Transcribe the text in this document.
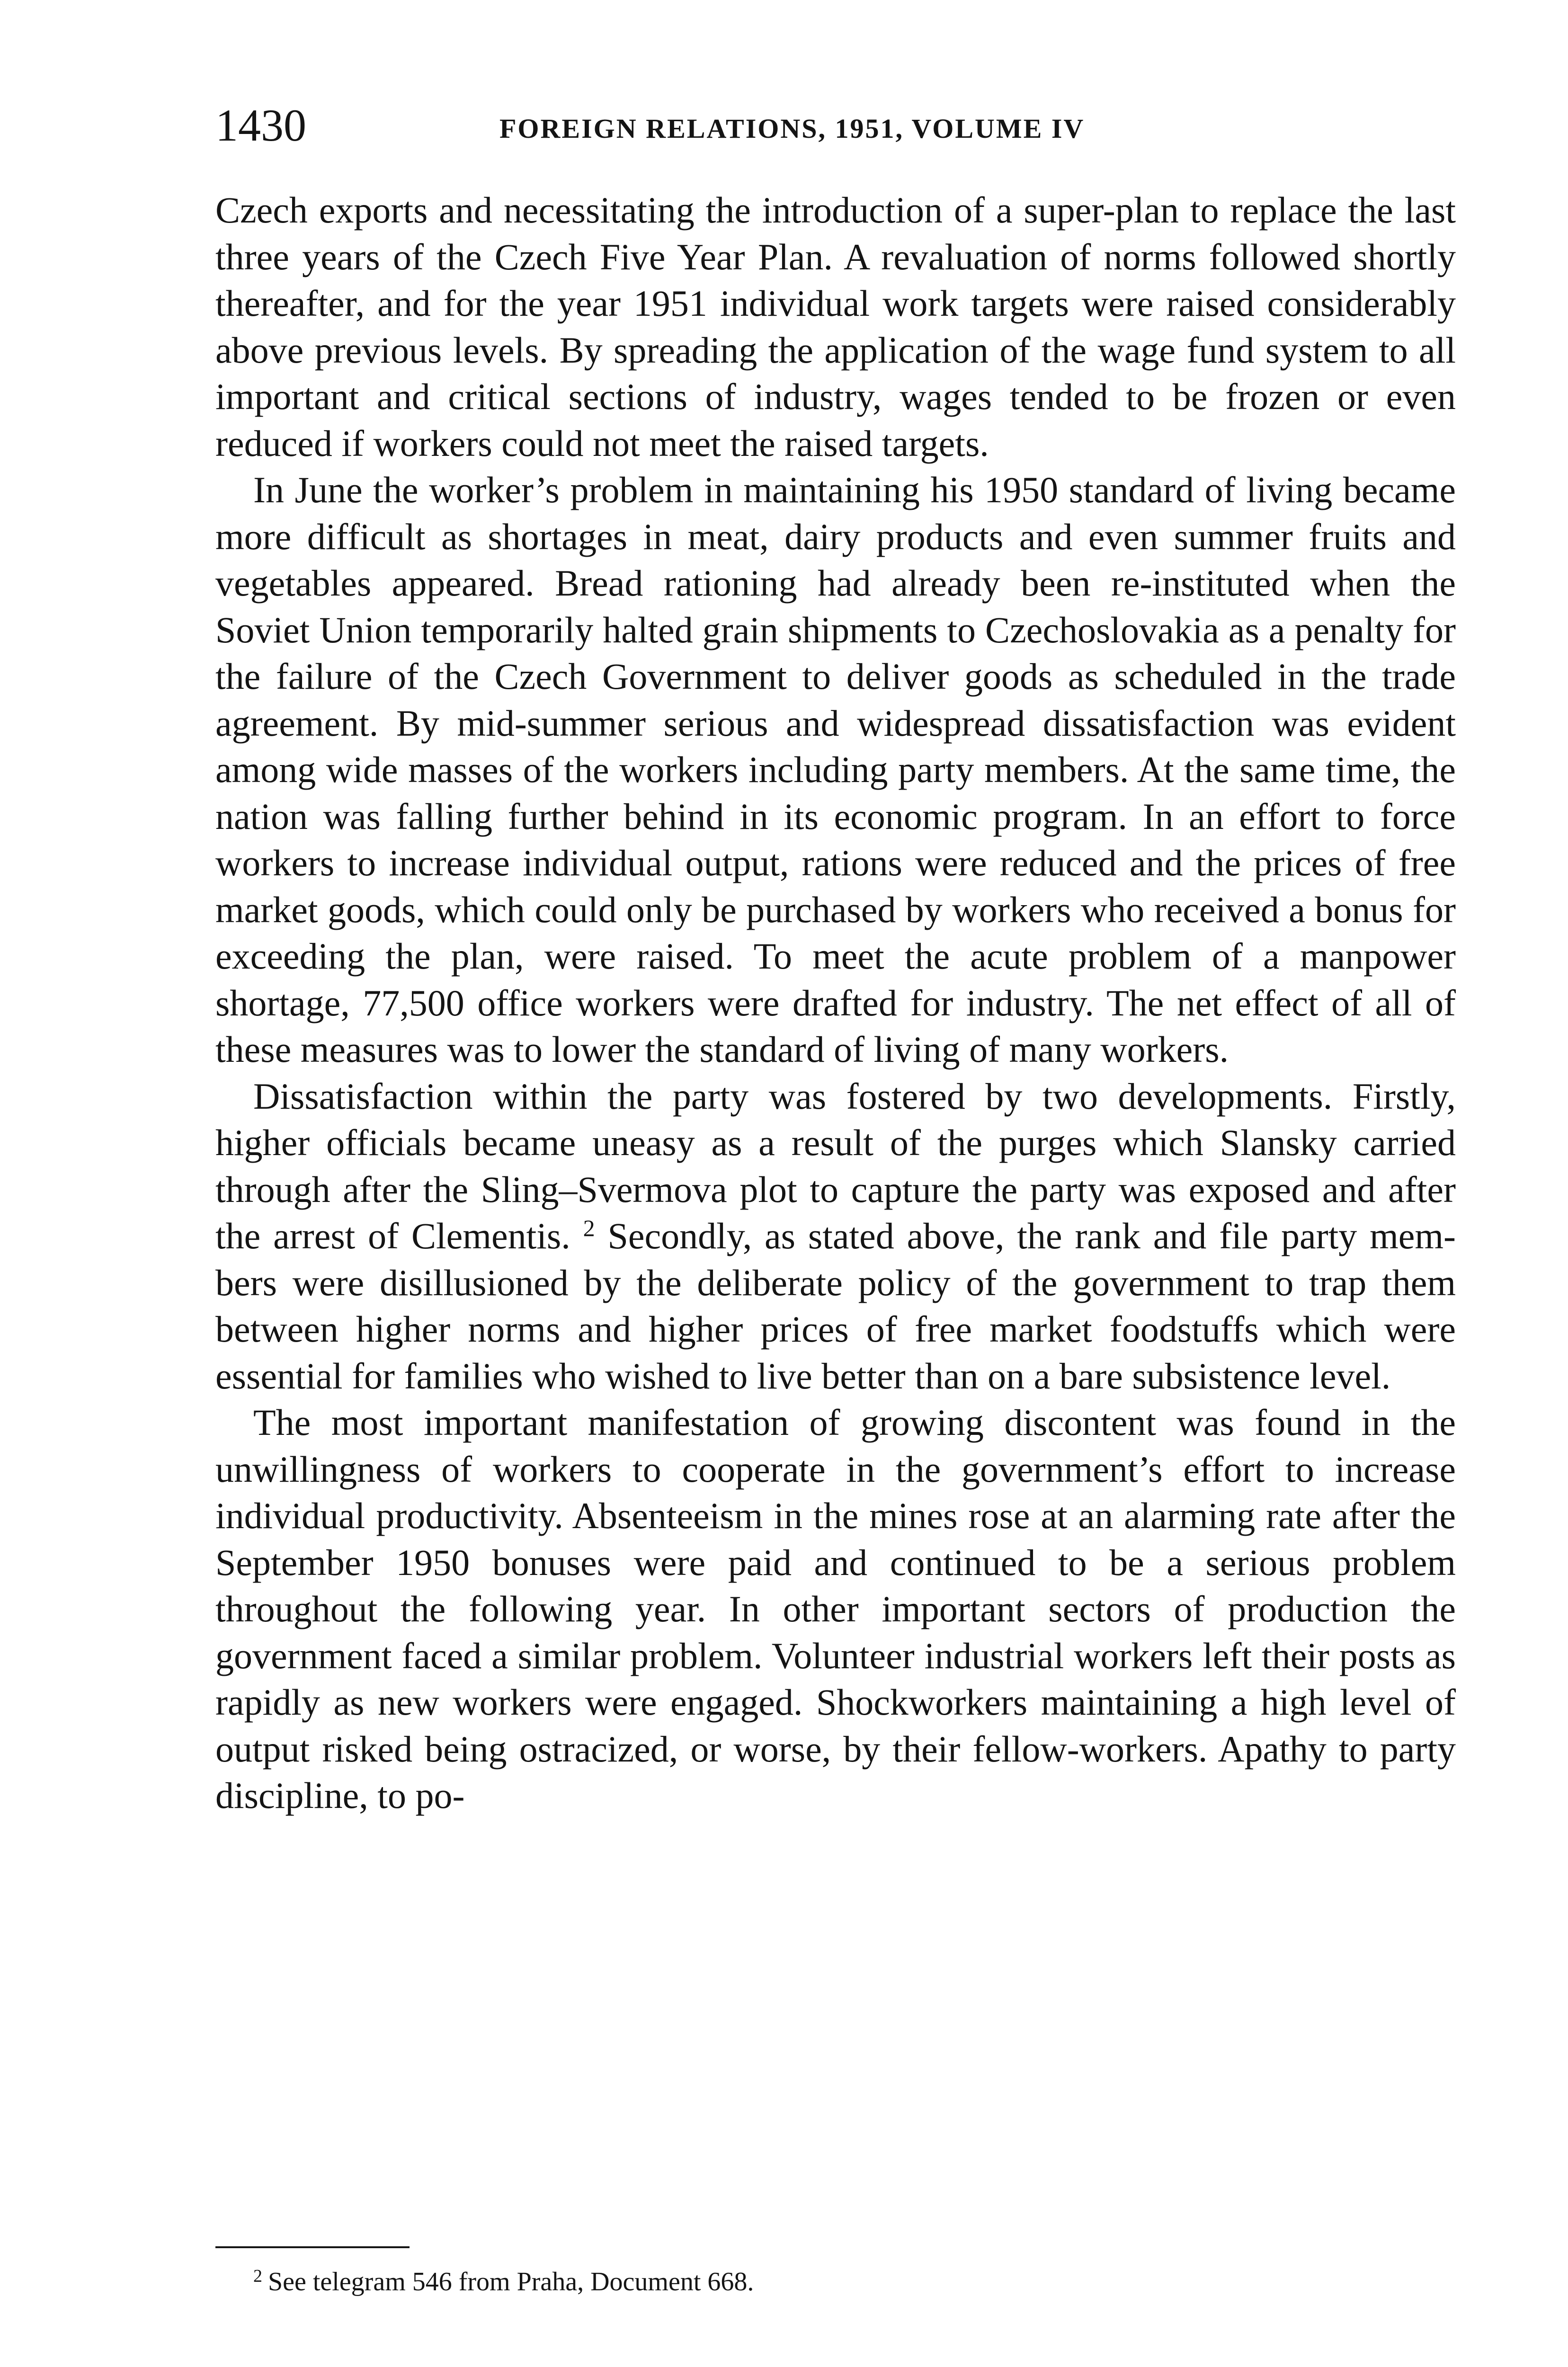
1430	FOREIGN RELATIONS, 1951, VOLUME IV

Czech exports and necessitating the introduction of a super-plan to replace the last three years of the Czech Five Year Plan. A revaluation of norms followed shortly thereafter, and for the year 1951 individual work targets were raised considerably above previous levels. By spreading the application of the wage fund system to all important and critical sections of industry, wages tended to be frozen or even reduced if workers could not meet the raised targets.

In June the worker’s problem in maintaining his 1950 standard of living became more difficult as shortages in meat, dairy products and even summer fruits and vegetables appeared. Bread rationing had already been re-instituted when the Soviet Union temporarily halted grain shipments to Czechoslovakia as a penalty for the failure of the Czech Government to deliver goods as scheduled in the trade agreement. By mid-summer serious and widespread dissatisfaction was evident among wide masses of the workers including party members. At the same time, the nation was falling further behind in its economic program. In an effort to force workers to increase individual output, rations were reduced and the prices of free market goods, which could only be purchased by workers who received a bonus for exceeding the plan, were raised. To meet the acute problem of a manpower shortage, 77,500 office workers were drafted for industry. The net effect of all of these measures was to lower the standard of living of many workers.

Dissatisfaction within the party was fostered by two developments. Firstly, higher officials became uneasy as a result of the purges which Slansky carried through after the Sling–Svermova plot to capture the party was exposed and after the arrest of Clementis. $^2$ Secondly, as stated above, the rank and file party members were disillusioned by the deliberate policy of the government to trap them between higher norms and higher prices of free market foodstuffs which were essential for families who wished to live better than on a bare subsistence level.

The most important manifestation of growing discontent was found in the unwillingness of workers to cooperate in the government’s effort to increase individual productivity. Absenteeism in the mines rose at an alarming rate after the September 1950 bonuses were paid and continued to be a serious problem throughout the following year. In other important sectors of production the government faced a similar problem. Volunteer industrial workers left their posts as rapidly as new workers were engaged. Shockworkers maintaining a high level of output risked being ostracized, or worse, by their fellow-workers. Apathy to party discipline, to po-

$^2$ See telegram 546 from Praha, Document 668.
